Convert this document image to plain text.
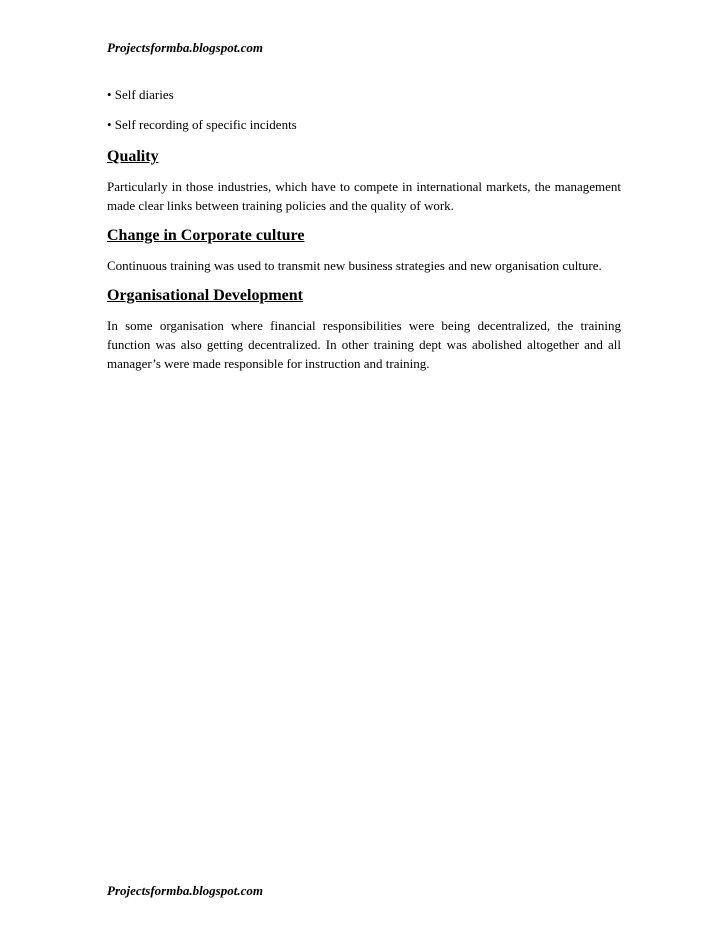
Projectsformba.blogspot.com

• Self diaries

• Self recording of specific incidents

Quality

Particularly in those industries, which have to compete in international markets, the management made clear links between training policies and the quality of work.

Change in Corporate culture

Continuous training was used to transmit new business strategies and new organisation culture.

Organisational Development

In some organisation where financial responsibilities were being decentralized, the training function was also getting decentralized. In other training dept was abolished altogether and all manager’s were made responsible for instruction and training.

Projectsformba.blogspot.com
